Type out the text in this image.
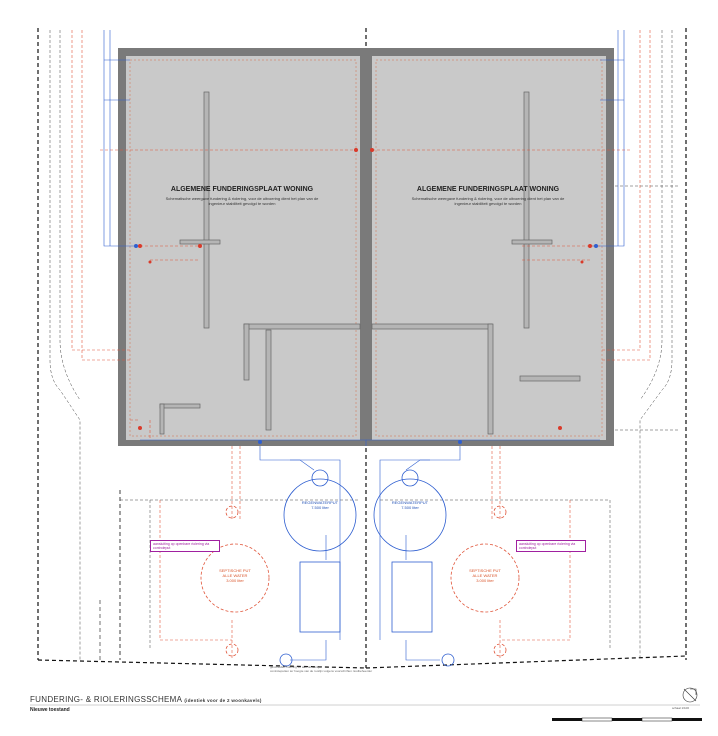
ALGEMENE FUNDERINGSPLAAT WONING
Schematische weergave fundering & riolering, voor de uitvoering dient het plan van de ingenieur stabiliteit gevolgd te worden
ALGEMENE FUNDERINGSPLAAT WONING
Schematische weergave fundering & riolering, voor de uitvoering dient het plan van de ingenieur stabiliteit gevolgd te worden
REGENWATERPUT
7.500 liter
REGENWATERPUT
7.500 liter
SEPTISCHE PUT
ALLE WATER
3.000 liter
SEPTISCHE PUT
ALLE WATER
3.000 liter
aansluiting op openbare riolering via controleput
aansluiting op openbare riolering via controleput
gescheiden riolering tot aan de rooilijn
controleputten ter hoogte van de rooilijn volgens voorschriften rioolbeheerder
FUNDERING- & RIOLERINGSSCHEMA (identiek voor de 2 woonkavels)
Nieuwe toestand	schaal 1/100
